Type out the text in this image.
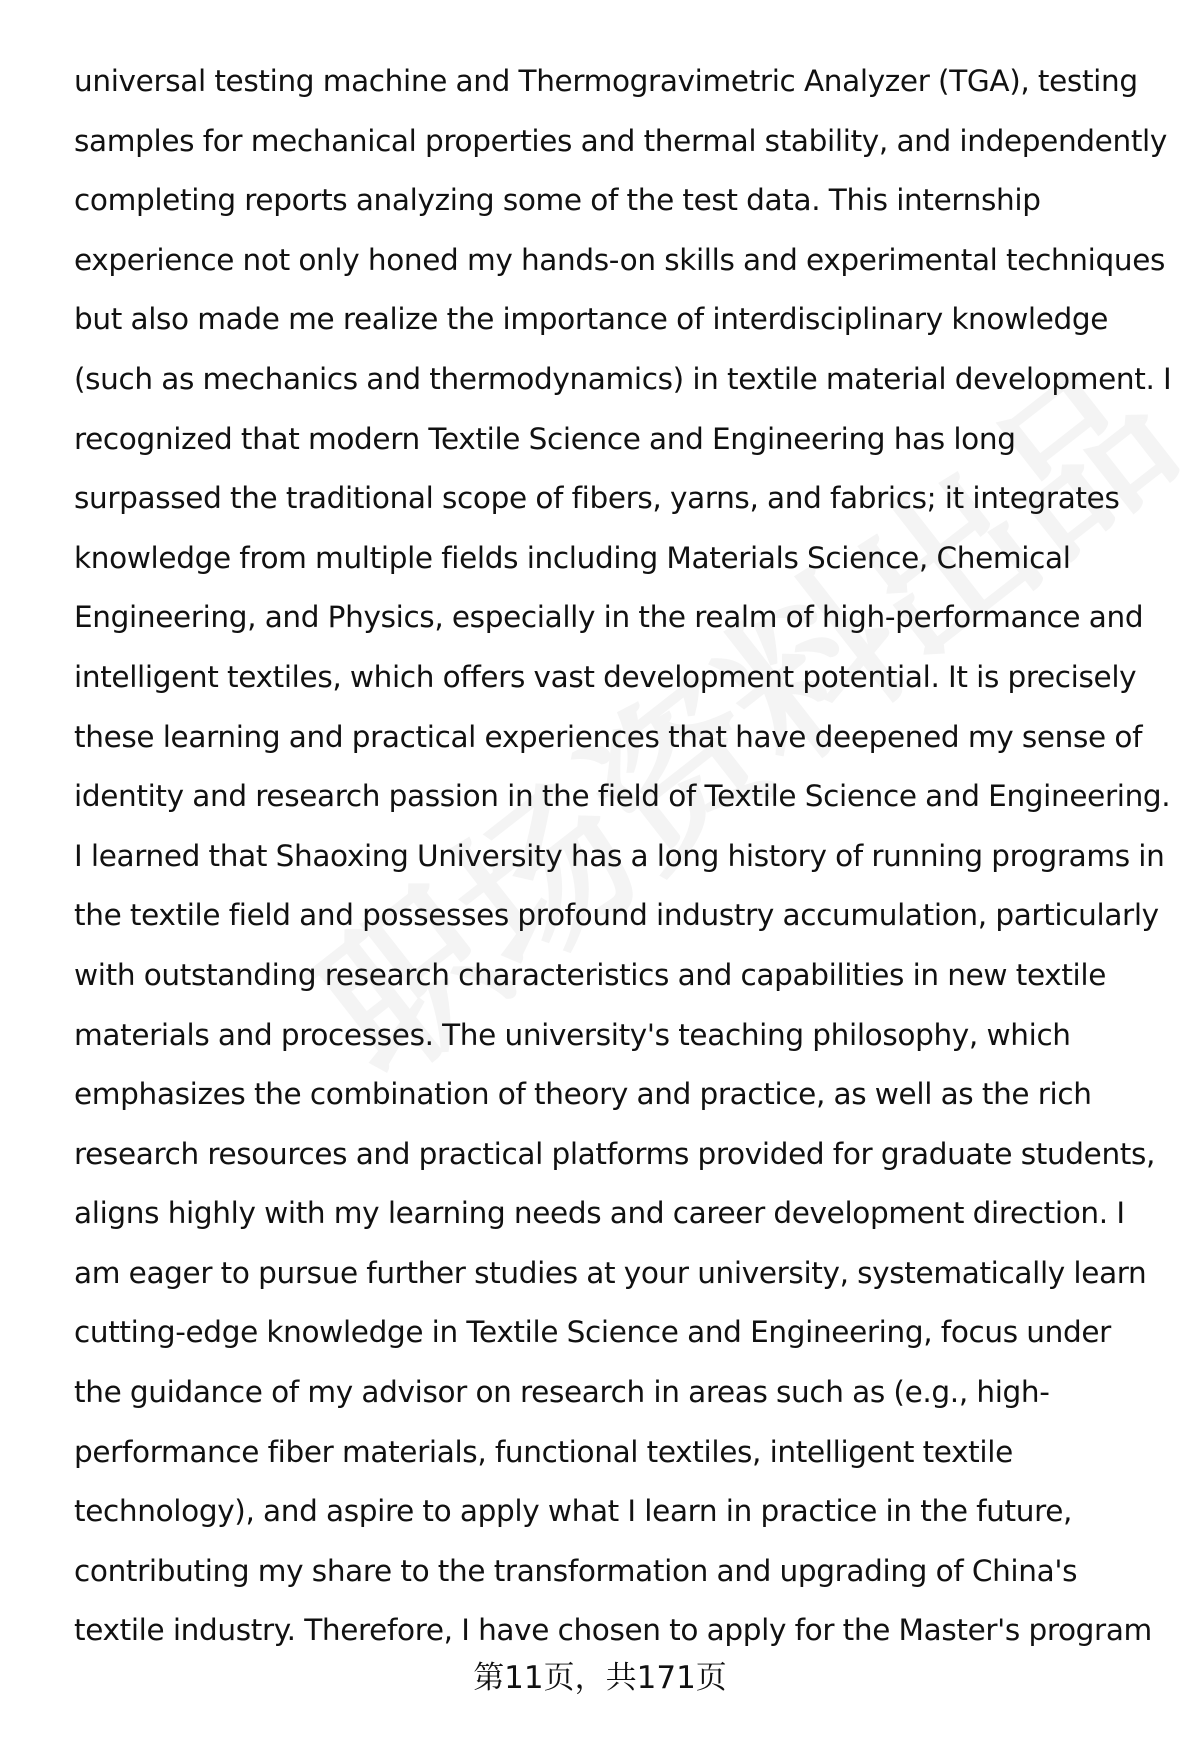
universal testing machine and Thermogravimetric Analyzer (TGA), testing
samples for mechanical properties and thermal stability, and independently
completing reports analyzing some of the test data. This internship
experience not only honed my hands-on skills and experimental techniques
but also made me realize the importance of interdisciplinary knowledge
(such as mechanics and thermodynamics) in textile material development. I
recognized that modern Textile Science and Engineering has long
surpassed the traditional scope of fibers, yarns, and fabrics; it integrates
knowledge from multiple fields including Materials Science, Chemical
Engineering, and Physics, especially in the realm of high-performance and
intelligent textiles, which offers vast development potential. It is precisely
these learning and practical experiences that have deepened my sense of
identity and research passion in the field of Textile Science and Engineering.
I learned that Shaoxing University has a long history of running programs in
the textile field and possesses profound industry accumulation, particularly
with outstanding research characteristics and capabilities in new textile
materials and processes. The university's teaching philosophy, which
emphasizes the combination of theory and practice, as well as the rich
research resources and practical platforms provided for graduate students,
aligns highly with my learning needs and career development direction. I
am eager to pursue further studies at your university, systematically learn
cutting-edge knowledge in Textile Science and Engineering, focus under
the guidance of my advisor on research in areas such as (e.g., high-
performance fiber materials, functional textiles, intelligent textile
technology), and aspire to apply what I learn in practice in the future,
contributing my share to the transformation and upgrading of China's
textile industry. Therefore, I have chosen to apply for the Master's program
第11页，共171页
